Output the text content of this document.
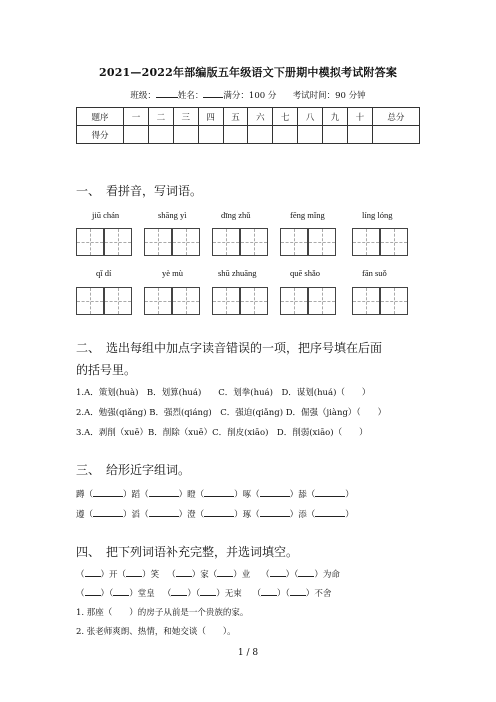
2021—2022年部编版五年级语文下册期中模拟考试附答案
班级：	姓名： 满分：100 分 考试时间：90 分钟
题序	一	二	三	四	五	六	七	八	九	十	总分
得分											
一、　看拼音，写词语。
jiū chán	shāng yì	dīng zhǔ	fēng mǐng	líng lóng
qǐ dí	yè mù	shū zhuāng	quē shǎo	fān suǒ
二、　选出每组中加点字读音错误的一项，把序号填在后面
的括号里。
1.A．策划(huà)　B．划算(huá)　　C．划拳(huá)　D．谋划(huá)（　　）
2.A．勉强(qiǎng) B．强烈(qiáng)　C．强迫(qiǎng) D．倔强（jiàng）（　　）
3.A．剥削（xuē）B．削除（xuē）C．削皮(xiāo)　D．削弱(xiāo)（　　）
三、　给形近字组词。
蹲（	）蹈（	）瞪（	）啄（	）舔（	）
遵（	）滔（	）澄（	）琢（	）添（	）
四、　把下列词语补充完整，并选词填空。
（ ）开（ ）笑   （ ）家（ ）业    （ ）（ ）为命
（ ）（ ）堂皇   （ ）（ ）无束    （ ）（ ）不舍
1. 那座（　　）的房子从前是一个贵族的家。
2. 张老师爽朗、热情，和她交谈（　　）。
1 / 8
